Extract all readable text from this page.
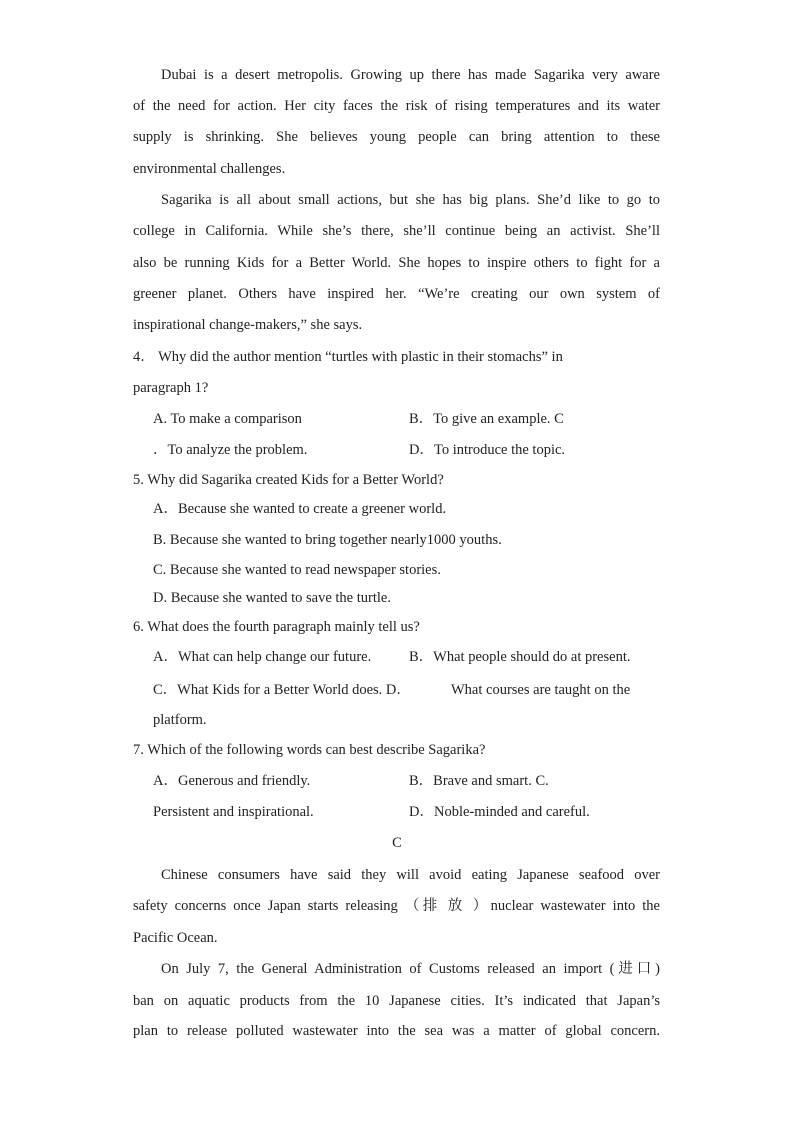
Dubai is a desert metropolis. Growing up there has made Sagarika very aware
of the need for action. Her city faces the risk of rising temperatures and its water
supply is shrinking. She believes young people can bring attention to these
environmental challenges.
Sagarika is all about small actions, but she has big plans. She’d like to go to
college in California. While she’s there, she’ll continue being an activist. She’ll
also be running Kids for a Better World. She hopes to inspire others to fight for a
greener planet. Others have inspired her. “We’re creating our own system of
inspirational change-makers,” she says.
4． Why did the author mention “turtles with plastic in their stomachs” in
paragraph 1?
A. To make a comparison	B．To give an example. C
．To analyze the problem.	D．To introduce the topic.
5. Why did Sagarika created Kids for a Better World?
A．Because she wanted to create a greener world.
B. Because she wanted to bring together nearly1000 youths.
C. Because she wanted to read newspaper stories.
D. Because she wanted to save the turtle.
6. What does the fourth paragraph mainly tell us?
A．What can help change our future.	B．What people should do at present.
C．What Kids for a Better World does. D．	What courses are taught on the
platform.
7. Which of the following words can best describe Sagarika?
A．Generous and friendly.	B．Brave and smart. C.
Persistent and inspirational.	D．Noble-minded and careful.
C
Chinese consumers have said they will avoid eating Japanese seafood over
safety concerns once Japan starts releasing （排 放 ）nuclear wastewater into the
Pacific Ocean.
On July 7, the General Administration of Customs released an import (进口)
ban on aquatic products from the 10 Japanese cities. It’s indicated that Japan’s
plan to release polluted wastewater into the sea was a matter of global concern.
